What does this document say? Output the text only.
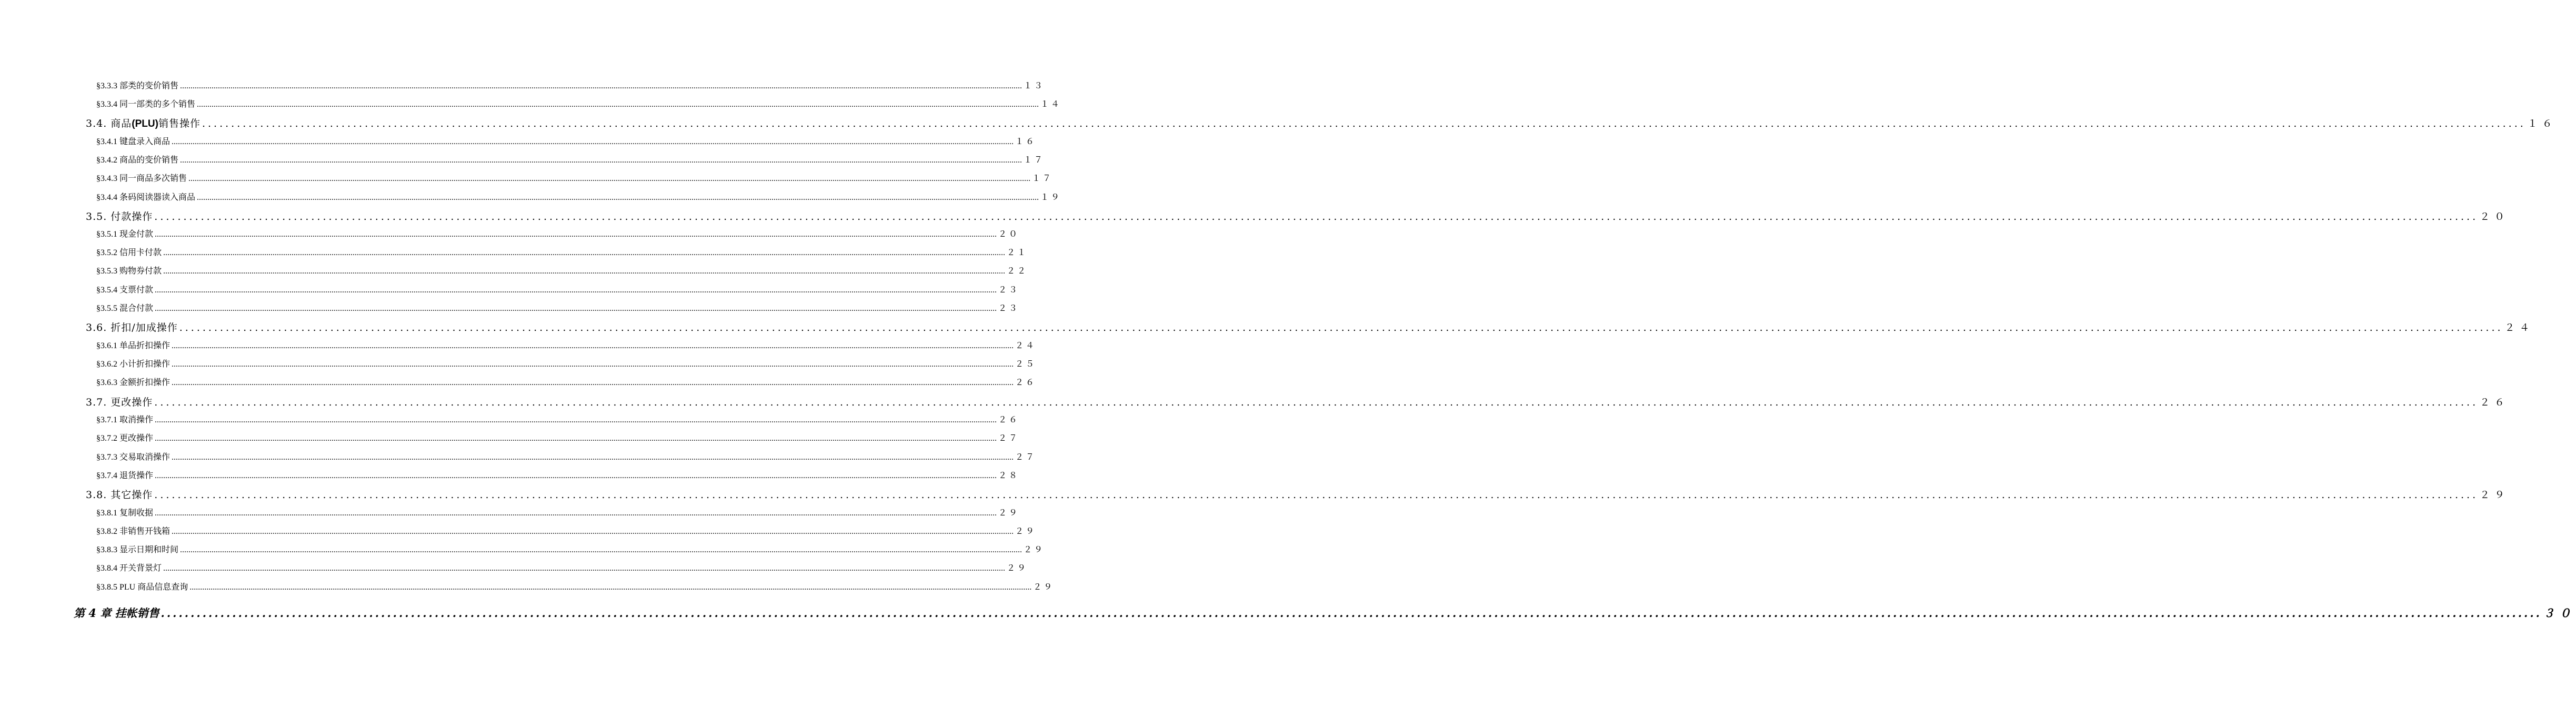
§3.3.3 部类的变价销售 ................................................................................................................................................................................................................................................................................................................................................................................................................ １３
§3.3.4 同一部类的多个销售 ................................................................................................................................................................................................................................................................................................................................................................................................................ １４
3.4. 商品(PLU)销售操作 ................................................................................................................................................................................................................................................................................................................................................................................................................ １６
§3.4.1 键盘录入商品 ................................................................................................................................................................................................................................................................................................................................................................................................................ １６
§3.4.2 商品的变价销售 ................................................................................................................................................................................................................................................................................................................................................................................................................ １７
§3.4.3 同一商品多次销售 ................................................................................................................................................................................................................................................................................................................................................................................................................ １７
§3.4.4 条码阅读器读入商品 ................................................................................................................................................................................................................................................................................................................................................................................................................ １９
3.5. 付款操作 ................................................................................................................................................................................................................................................................................................................................................................................................................ ２０
§3.5.1 现金付款 ................................................................................................................................................................................................................................................................................................................................................................................................................ ２０
§3.5.2 信用卡付款 ................................................................................................................................................................................................................................................................................................................................................................................................................ ２１
§3.5.3 购物券付款 ................................................................................................................................................................................................................................................................................................................................................................................................................ ２２
§3.5.4 支票付款 ................................................................................................................................................................................................................................................................................................................................................................................................................ ２３
§3.5.5 混合付款 ................................................................................................................................................................................................................................................................................................................................................................................................................ ２３
3.6. 折扣/加成操作 ................................................................................................................................................................................................................................................................................................................................................................................................................ ２４
§3.6.1 单品折扣操作 ................................................................................................................................................................................................................................................................................................................................................................................................................ ２４
§3.6.2 小计折扣操作 ................................................................................................................................................................................................................................................................................................................................................................................................................ ２５
§3.6.3 金额折扣操作 ................................................................................................................................................................................................................................................................................................................................................................................................................ ２６
3.7. 更改操作 ................................................................................................................................................................................................................................................................................................................................................................................................................ ２６
§3.7.1 取消操作 ................................................................................................................................................................................................................................................................................................................................................................................................................ ２６
§3.7.2 更改操作 ................................................................................................................................................................................................................................................................................................................................................................................................................ ２７
§3.7.3 交易取消操作 ................................................................................................................................................................................................................................................................................................................................................................................................................ ２７
§3.7.4 退货操作 ................................................................................................................................................................................................................................................................................................................................................................................................................ ２８
3.8. 其它操作 ................................................................................................................................................................................................................................................................................................................................................................................................................ ２９
§3.8.1 复制收据 ................................................................................................................................................................................................................................................................................................................................................................................................................ ２９
§3.8.2 非销售开钱箱 ................................................................................................................................................................................................................................................................................................................................................................................................................ ２９
§3.8.3 显示日期和时间 ................................................................................................................................................................................................................................................................................................................................................................................................................ ２９
§3.8.4 开关背景灯 ................................................................................................................................................................................................................................................................................................................................................................................................................ ２９
§3.8.5 PLU 商品信息查询 ................................................................................................................................................................................................................................................................................................................................................................................................................ ２９
第 4 章 挂帐销售 ................................................................................................................................................................................................................................................................................................................................................................................................................ ３０
